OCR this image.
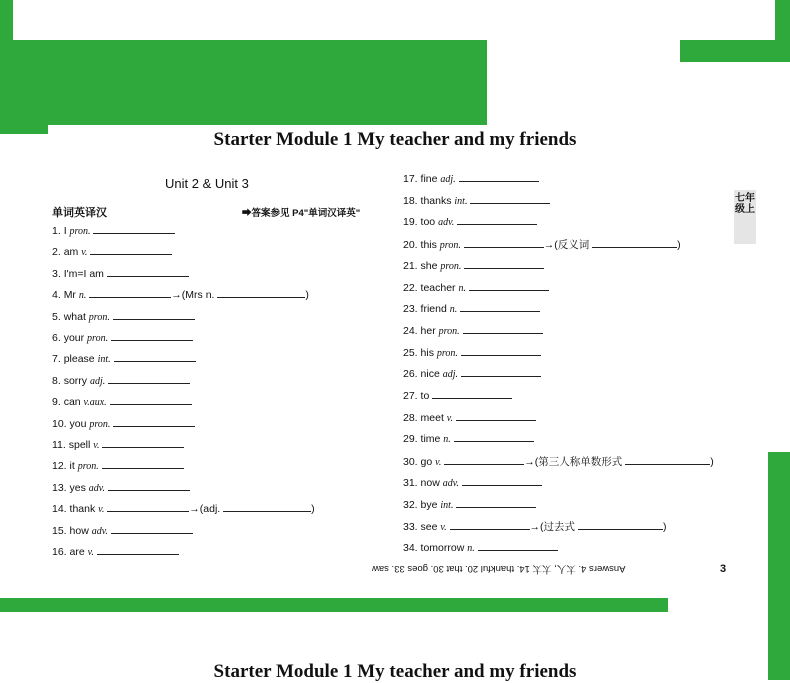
Starter Module 1 My teacher and my friends
Unit 2 & Unit 3
单词英译汉	➡答案参见 P4"单词汉译英"
1. I pron.
2. am v.
3. I'm=I am
4. Mr n.	→(Mrs n.	)
5. what pron.
6. your pron.
7. please int.
8. sorry adj.
9. can v.aux.
10. you pron.
11. spell v.
12. it pron.
13. yes adv.
14. thank v.	→(adj.	)
15. how adv.
16. are v.
17. fine adj.
18. thanks int.
19. too adv.
20. this pron.	→(反义词	)
21. she pron.
22. teacher n.
23. friend n.
24. her pron.
25. his pron.
26. nice adj.
27. to
28. meet v.
29. time n.
30. go v.	→(第三人称单数形式	)
31. now adv.
32. bye int.
33. see v.	→(过去式	)
34. tomorrow n.
七年级上
Answers 4. 太人, 太太 14. thankful 20. that 30. goes 33. saw	3
Starter Module 1 My teacher and my friends
